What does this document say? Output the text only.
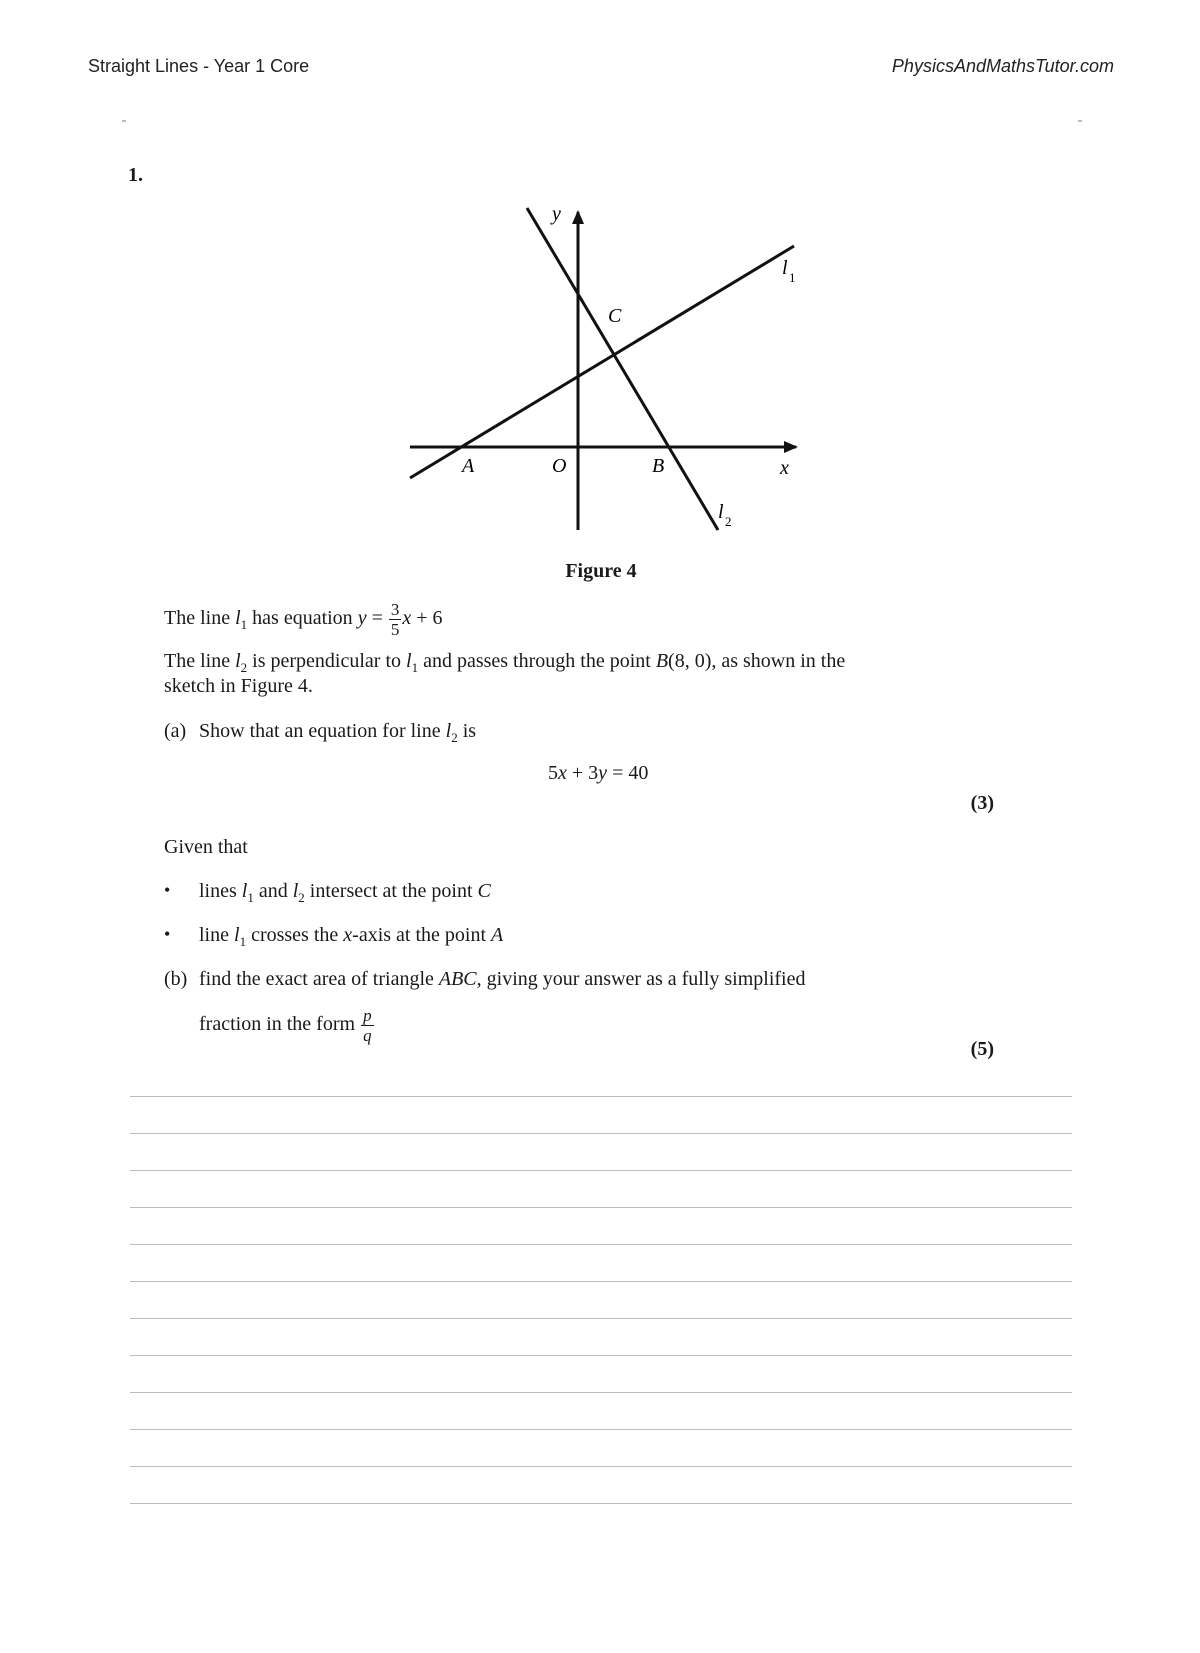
Straight Lines - Year 1 Core	PhysicsAndMathsTutor.com
1.
y
x
O
A	B
C
l 1
l 2
Figure 4
The line $l_1$ has equation $y = \frac{3}{5}$ x + 6
The line $l_2$ is perpendicular to $l_1$ and passes through the point B(8, 0), as shown in the
sketch in Figure 4.
(a) Show that an equation for line $l_2$ is
5x + 3y = 40
(3)
Given that
• lines $l_1$ and $l_2$ intersect at the point C
• line $l_1$ crosses the x-axis at the point A
(b) find the exact area of triangle ABC, giving your answer as a fully simplified
fraction in the form $\frac{p}{q}$
(5)
